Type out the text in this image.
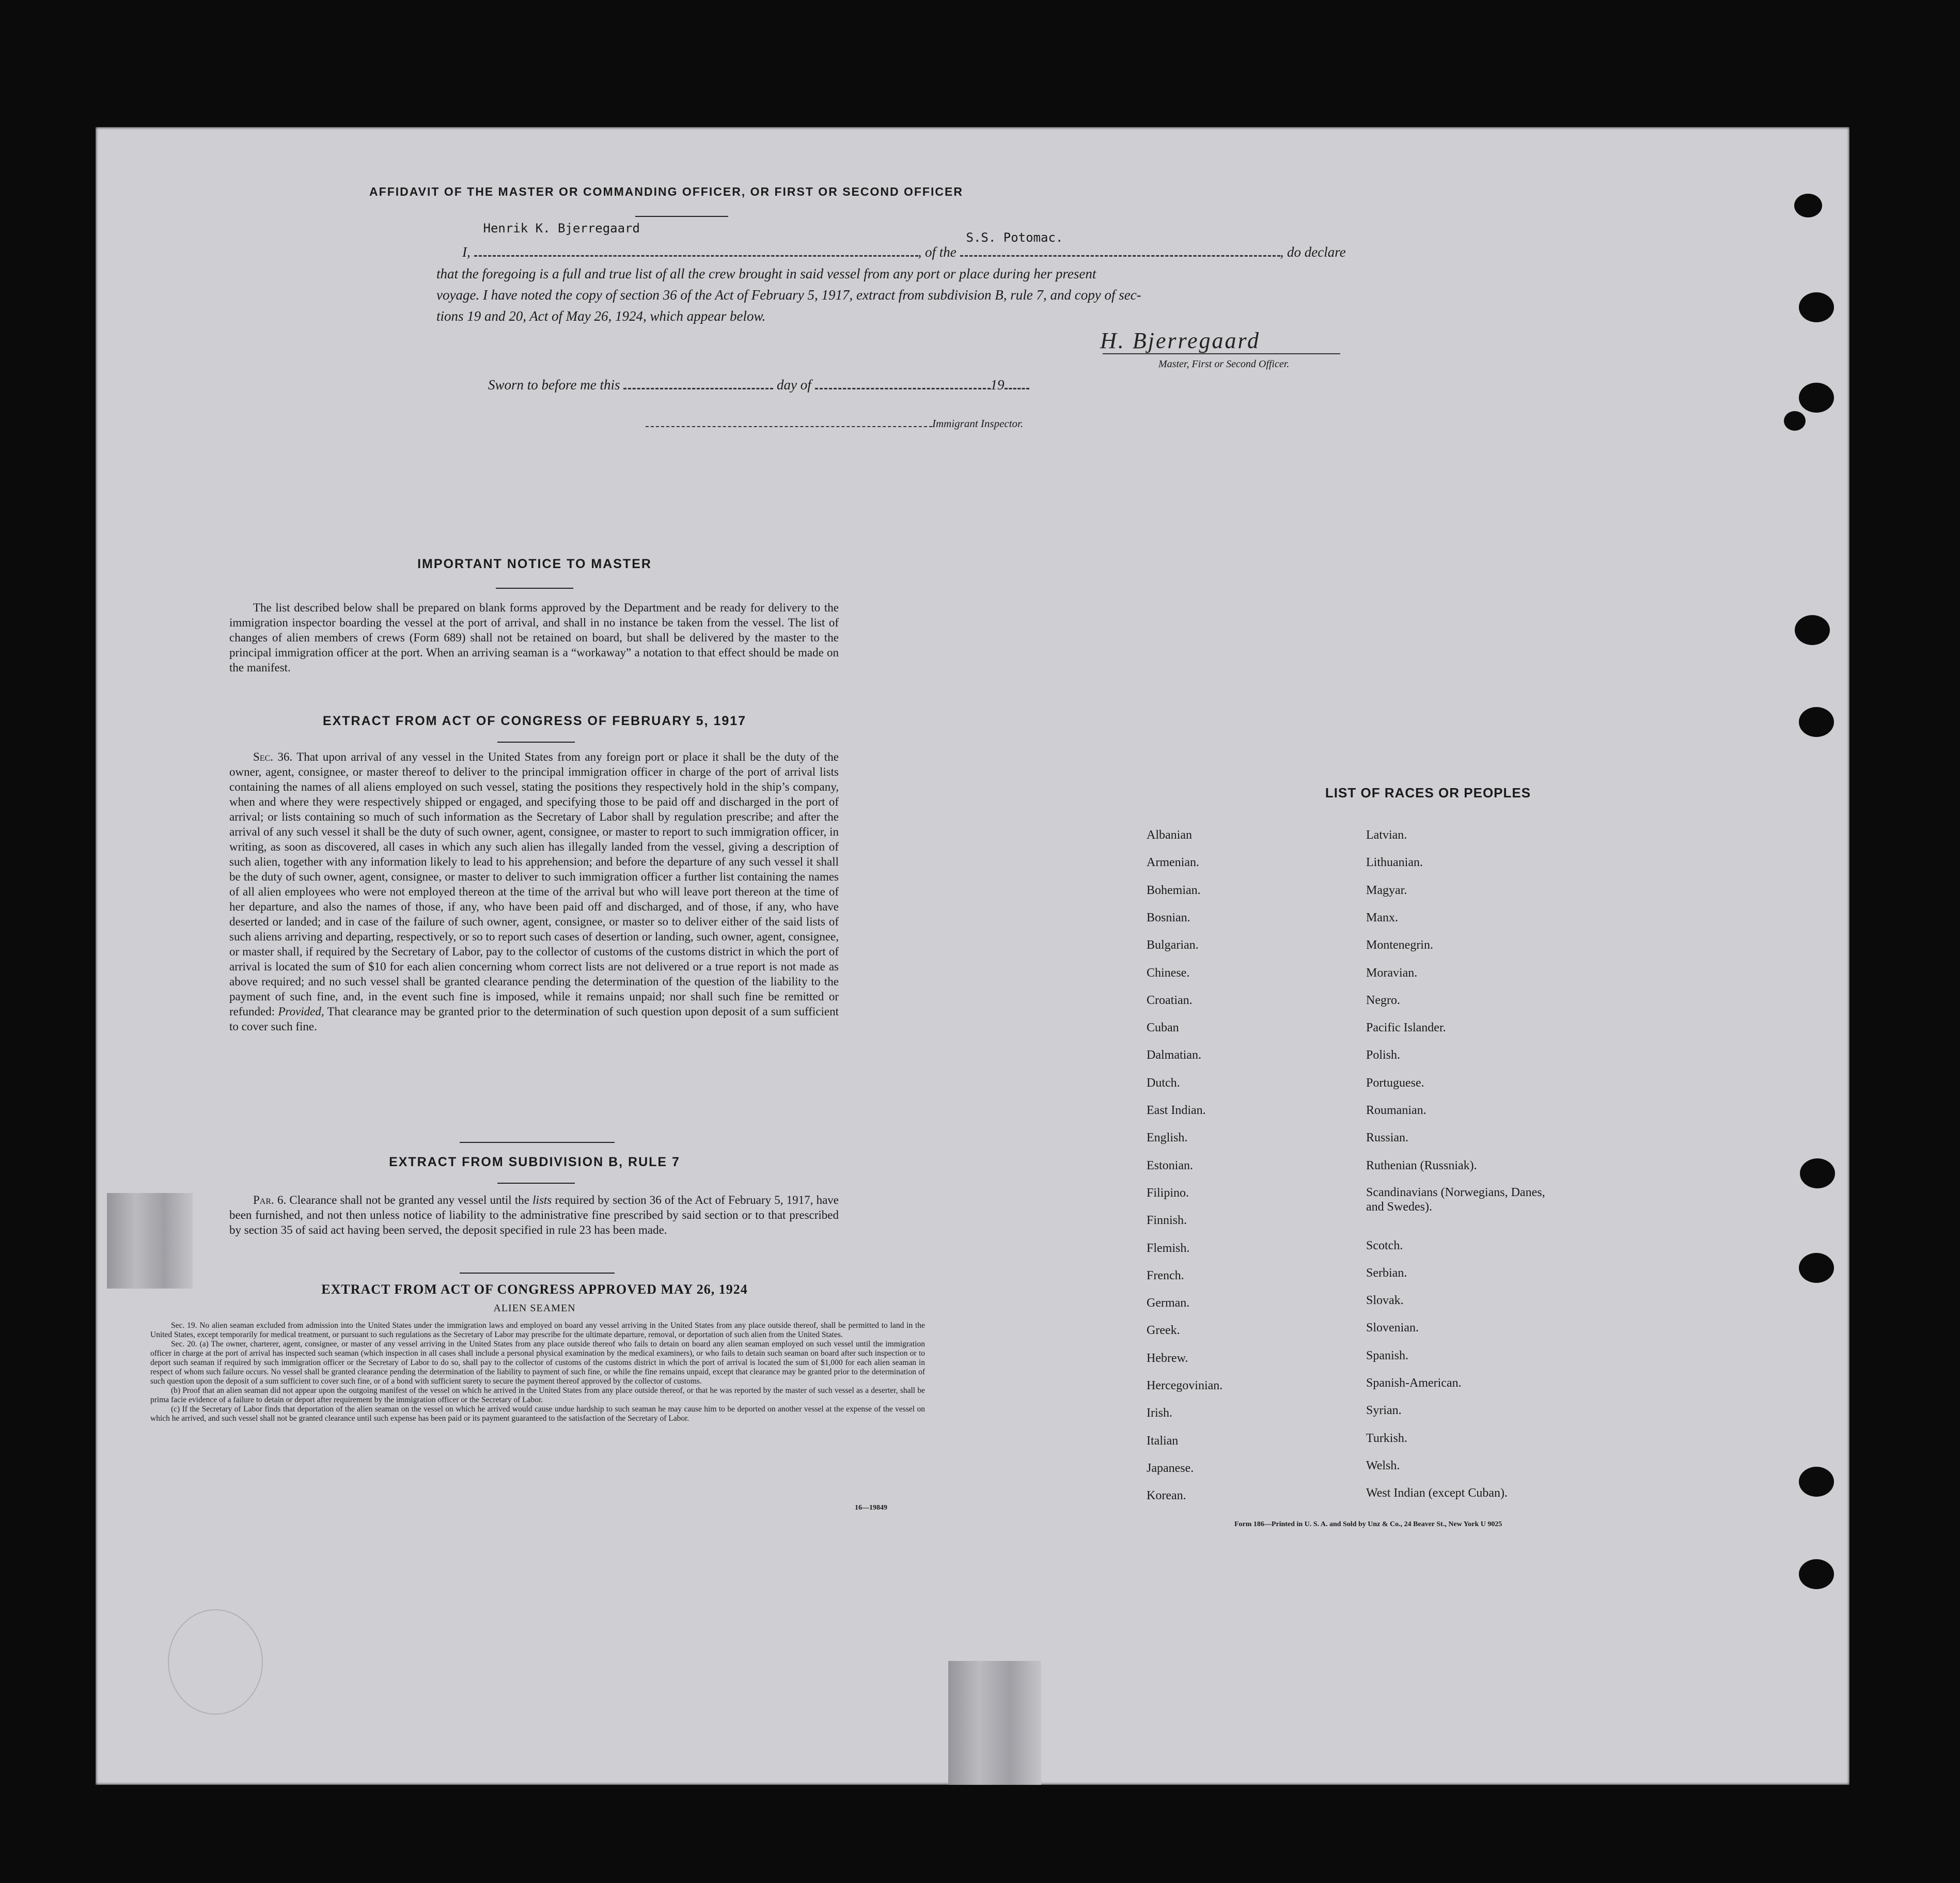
AFFIDAVIT OF THE MASTER OR COMMANDING OFFICER, OR FIRST OR SECOND OFFICER
I,
Henrik K. Bjerregaard
, of the
S.S. Potomac.
, do declare
that the foregoing is a full and true list of all the crew brought in said vessel from any port or place during her present
voyage. I have noted the copy of section 36 of the Act of February 5, 1917, extract from subdivision B, rule 7, and copy of sec-
tions 19 and 20, Act of May 26, 1924, which appear below.
H. Bjerregaard
Master, First or Second Officer.
Sworn to before me this	day of	19
Immigrant Inspector.
IMPORTANT NOTICE TO MASTER
The list described below shall be prepared on blank forms approved by the Department and be ready for delivery to the immigration inspector boarding the vessel at the port of arrival, and shall in no instance be taken from the vessel. The list of changes of alien members of crews (Form 689) shall not be retained on board, but shall be delivered by the master to the principal immigration officer at the port. When an arriving seaman is a “workaway” a notation to that effect should be made on the manifest.
EXTRACT FROM ACT OF CONGRESS OF FEBRUARY 5, 1917
Sec. 36. That upon arrival of any vessel in the United States from any foreign port or place it shall be the duty of the owner, agent, consignee, or master thereof to deliver to the principal immigration officer in charge of the port of arrival lists containing the names of all aliens employed on such vessel, stating the positions they respectively hold in the ship’s company, when and where they were respectively shipped or engaged, and specifying those to be paid off and discharged in the port of arrival; or lists containing so much of such information as the Secretary of Labor shall by regulation prescribe; and after the arrival of any such vessel it shall be the duty of such owner, agent, consignee, or master to report to such immigration officer, in writing, as soon as discovered, all cases in which any such alien has illegally landed from the vessel, giving a description of such alien, together with any information likely to lead to his apprehension; and before the departure of any such vessel it shall be the duty of such owner, agent, consignee, or master to deliver to such immigration officer a further list containing the names of all alien employees who were not employed thereon at the time of the arrival but who will leave port thereon at the time of her departure, and also the names of those, if any, who have been paid off and discharged, and of those, if any, who have deserted or landed; and in case of the failure of such owner, agent, consignee, or master so to deliver either of the said lists of such aliens arriving and departing, respectively, or so to report such cases of desertion or landing, such owner, agent, consignee, or master shall, if required by the Secretary of Labor, pay to the collector of customs of the customs district in which the port of arrival is located the sum of $10 for each alien concerning whom correct lists are not delivered or a true report is not made as above required; and no such vessel shall be granted clearance pending the determination of the question of the liability to the payment of such fine, and, in the event such fine is imposed, while it remains unpaid; nor shall such fine be remitted or refunded: Provided, That clearance may be granted prior to the determination of such question upon deposit of a sum sufficient to cover such fine.
EXTRACT FROM SUBDIVISION B, RULE 7
Par. 6. Clearance shall not be granted any vessel until the lists required by section 36 of the Act of February 5, 1917, have been furnished, and not then unless notice of liability to the administrative fine prescribed by said section or to that prescribed by section 35 of said act having been served, the deposit specified in rule 23 has been made.
EXTRACT FROM ACT OF CONGRESS APPROVED MAY 26, 1924
ALIEN SEAMEN
Sec. 19. No alien seaman excluded from admission into the United States under the immigration laws and employed on board any vessel arriving in the United States from any place outside thereof, shall be permitted to land in the United States, except temporarily for medical treatment, or pursuant to such regulations as the Secretary of Labor may prescribe for the ultimate departure, removal, or deportation of such alien from the United States.
Sec. 20. (a) The owner, charterer, agent, consignee, or master of any vessel arriving in the United States from any place outside thereof who fails to detain on board any alien seaman employed on such vessel until the immigration officer in charge at the port of arrival has inspected such seaman (which inspection in all cases shall include a personal physical examination by the medical examiners), or who fails to detain such seaman on board after such inspection or to deport such seaman if required by such immigration officer or the Secretary of Labor to do so, shall pay to the collector of customs of the customs district in which the port of arrival is located the sum of $1,000 for each alien seaman in respect of whom such failure occurs. No vessel shall be granted clearance pending the determination of the liability to payment of such fine, or while the fine remains unpaid, except that clearance may be granted prior to the determination of such question upon the deposit of a sum sufficient to cover such fine, or of a bond with sufficient surety to secure the payment thereof approved by the collector of customs.
(b) Proof that an alien seaman did not appear upon the outgoing manifest of the vessel on which he arrived in the United States from any place outside thereof, or that he was reported by the master of such vessel as a deserter, shall be prima facie evidence of a failure to detain or deport after requirement by the immigration officer or the Secretary of Labor.
(c) If the Secretary of Labor finds that deportation of the alien seaman on the vessel on which he arrived would cause undue hardship to such seaman he may cause him to be deported on another vessel at the expense of the vessel on which he arrived, and such vessel shall not be granted clearance until such expense has been paid or its payment guaranteed to the satisfaction of the Secretary of Labor.
16—19849
LIST OF RACES OR PEOPLES
Form 186—Printed in U. S. A. and Sold by Unz & Co., 24 Beaver St., New York U 9025
Albanian
Armenian.
Bohemian.
Bosnian.
Bulgarian.
Chinese.
Croatian.
Cuban
Dalmatian.
Dutch.
East Indian.
English.
Estonian.
Filipino.
Finnish.
Flemish.
French.
German.
Greek.
Hebrew.
Hercegovinian.
Irish.
Italian
Japanese.
Korean.
Latvian.
Lithuanian.
Magyar.
Manx.
Montenegrin.
Moravian.
Negro.
Pacific Islander.
Polish.
Portuguese.
Roumanian.
Russian.
Ruthenian (Russniak).
Scandinavians (Norwegians, Danes, and Swedes).
Scotch.
Serbian.
Slovak.
Slovenian.
Spanish.
Spanish-American.
Syrian.
Turkish.
Welsh.
West Indian (except Cuban).
